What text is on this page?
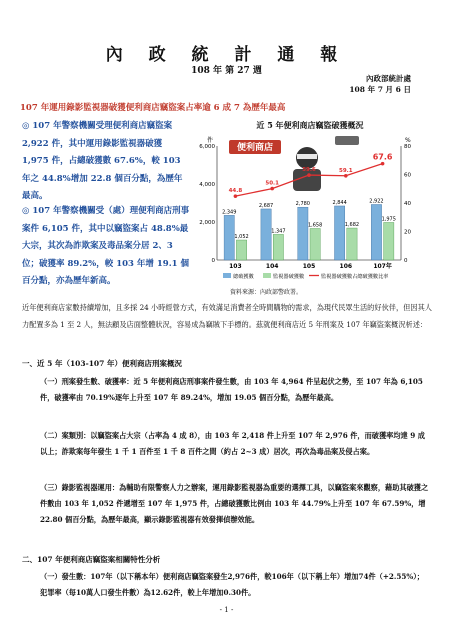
內 政 統 計 通 報
108 年 第 27 週
內政部統計處
108 年 7 月 6 日
107 年運用錄影監視器破獲便利商店竊盜案占率逾 6 成 7 為歷年最高
◎ 107 年警察機關受理便利商店竊盜案 2,922 件，其中運用錄影監視器破獲 1,975 件，占總破獲數 67.6%，較 103 年之 44.8%增加 22.8 個百分點，為歷年最高。
◎ 107 年警察機關受（處）理便利商店刑事案件 6,105 件，其中以竊盜案占 48.8%最大宗，其次為詐欺案及毒品案分居 2、3 位；破獲率 89.2%，較 103 年增 19.1 個百分點，亦為歷年新高。
近 5 年便利商店竊盜破獲概況
便利商店
件	%
0
2,000
4,000
6,000
0
20
40
60
80
2,349
1,052
103
2,687
1,347
104
2,780
1,658
105
2,844
1,682
106
2,922
1,975
107年
44.8
50.1
59.6	59.1
67.6
總破獲數	監視器破獲數	監視器破獲數占總破獲數比率
資料來源：內政部警政署。
近年便利商店家數持續增加，且多採 24 小時經營方式，有效滿足消費者全時間購物的需求，為現代民眾生活的好伙伴，但因其人力配置多為 1 至 2 人，無法顧及店面整體狀況，容易成為竊賊下手標的。茲就便利商店近 5 年刑案及 107 年竊盜案概況析述：
一、近 5 年（103-107 年）便利商店刑案概況
（一）刑案發生數、破獲率：近 5 年便利商店刑事案件發生數，由 103 年 4,964 件呈起伏之勢，至 107 年為 6,105 件，破獲率由 70.19%逐年上升至 107 年 89.24%，增加 19.05 個百分點，為歷年最高。
（二）案類別：以竊盜案占大宗（占率為 4 成 8），由 103 年 2,418 件上升至 107 年 2,976 件，而破獲率均達 9 成以上；詐欺案每年發生 1 千 1 百件至 1 千 8 百件之間（約占 2~3 成）居次，再次為毒品案及侵占案。
（三）錄影監視器運用：為輔助有限警察人力之辦案，運用錄影監視器為重要的選擇工具，以竊盜案來觀察，藉助其破獲之件數由 103 年 1,052 件遞增至 107 年 1,975 件，占總破獲數比例由 103 年 44.79%上升至 107 年 67.59%，增 22.80 個百分點，為歷年最高，顯示錄影監視器有效發揮偵辦效能。
二、107 年便利商店竊盜案相關特性分析
（一）發生數：107年（以下稱本年）便利商店竊盜案發生2,976件，較106年（以下稱上年）增加74件（+2.55%）；犯罪率（每10萬人口發生件數）為12.62件，較上年增加0.30件。
- 1 -
